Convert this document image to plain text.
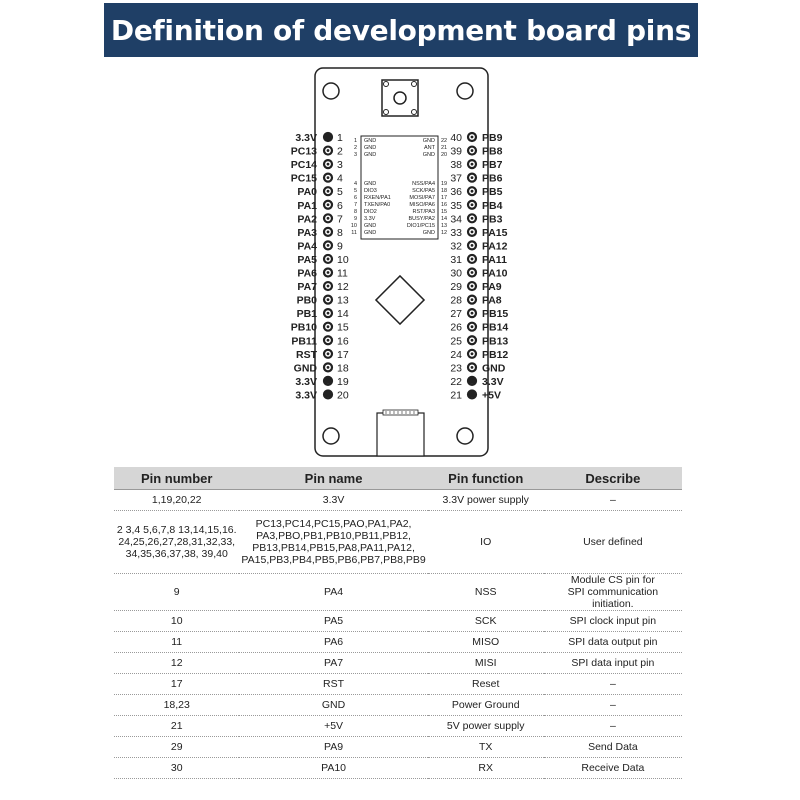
Definition of development board pins
1 GND
2 GND
3 GND
4 GND
5 DIO3
6 RXEN/PA1
7 TXEN/PA0
8 DIO2
9 3.3V
10 GND
11 GND
GND 22
ANT 21
GND 20
NSS/PA4 19
SCK/PA5 18
MOSI/PA7 17
MISO/PA6 16
RST/PA3 15
BUSY/PA2 14
DIO1/PC15 13
GND 12
3.3V 1	40 PB9
PC13 2	39 PB8
PC14 3	38 PB7
PC15 4	37 PB6
PA0 5	36 PB5
PA1 6	35 PB4
PA2 7	34 PB3
PA3 8	33 PA15
PA4 9	32 PA12
PA5 10	31 PA11
PA6 11	30 PA10
PA7 12	29 PA9
PB0 13	28 PA8
PB1 14	27 PB15
PB10 15	26 PB14
PB11 16	25 PB13
RST 17	24 PB12
GND 18	23 GND
3.3V 19	22 3.3V
3.3V 20	21 +5V
Pin number	Pin name	Pin function	Describe
1,19,20,22	3.3V	3.3V power supply	–
2 3,4 5,6,7,8 13,14,15,16.
24,25,26,27,28,31,32,33,
34,35,36,37,38, 39,40	PC13,PC14,PC15,PAO,PA1,PA2,
PA3,PBO,PB1,PB10,PB11,PB12,
PB13,PB14,PB15,PA8,PA11,PA12,
PA15,PB3,PB4,PB5,PB6,PB7,PB8,PB9	IO	User defined
9	PA4	NSS	Module CS pin for
SPI communication initiation.
10	PA5	SCK	SPI clock input pin
11	PA6	MISO	SPI data output pin
12	PA7	MISI	SPI data input pin
17	RST	Reset	–
18,23	GND	Power Ground	–
21	+5V	5V power supply	–
29	PA9	TX	Send Data
30	PA10	RX	Receive Data
